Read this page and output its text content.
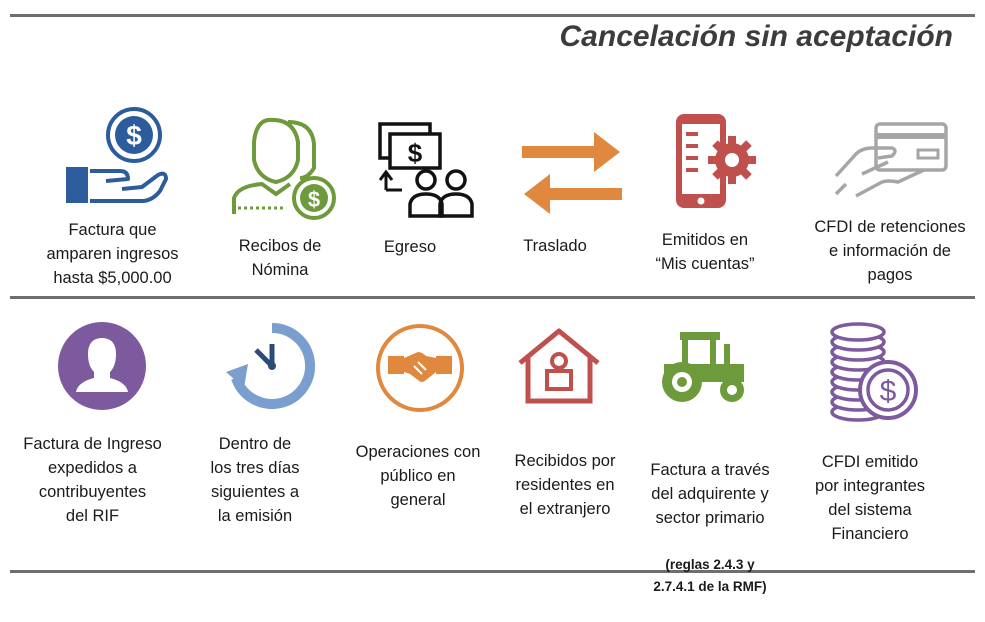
Cancelación sin aceptación
$
$
$
Factura que
amparen ingresos
hasta $5,000.00
Recibos de
Nómina
Egreso	Traslado	Emitidos en
“Mis cuentas”
CFDI de retenciones
e información de
pagos
$
Factura de Ingreso
expedidos a
contribuyentes
del RIF
Dentro de
los tres días
siguientes a
la emisión
Operaciones con
público en
general
Recibidos por
residentes en
el extranjero

Factura a través
del adquirente y
sector primario

(reglas 2.4.3 y
2.7.4.1 de la RMF)

CFDI emitido
por integrantes
del sistema
Financiero
